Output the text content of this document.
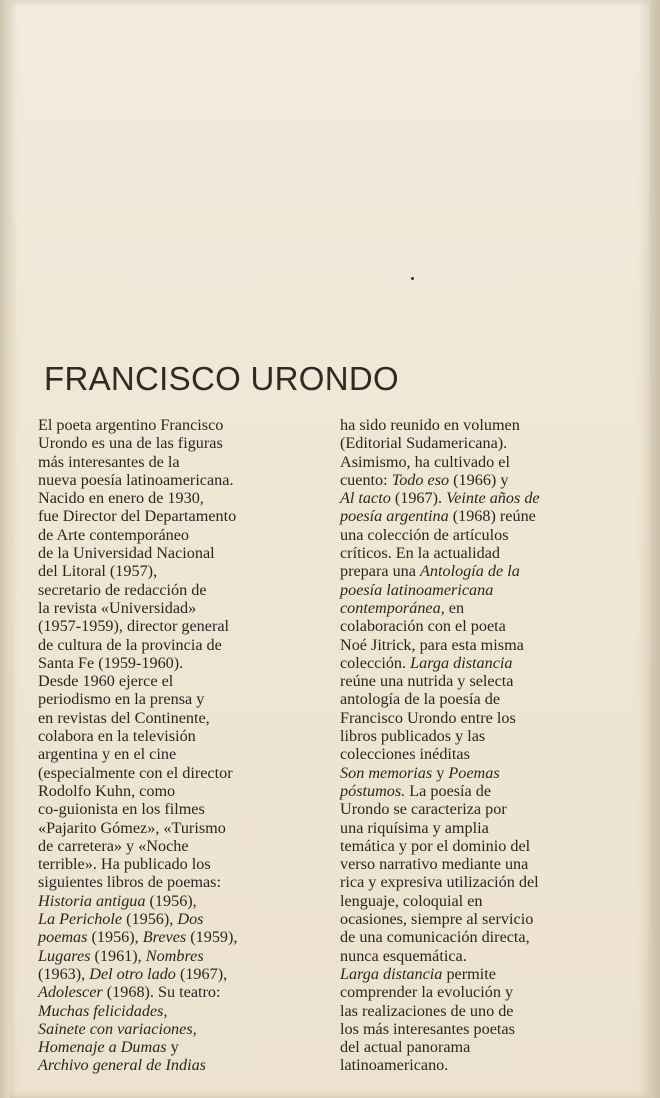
FRANCISCO URONDO
El poeta argentino Francisco
Urondo es una de las figuras
más interesantes de la
nueva poesía latinoamericana.
Nacido en enero de 1930,
fue Director del Departamento
de Arte contemporáneo
de la Universidad Nacional
del Litoral (1957),
secretario de redacción de
la revista «Universidad»
(1957-1959), director general
de cultura de la provincia de
Santa Fe (1959-1960).
Desde 1960 ejerce el
periodismo en la prensa y
en revistas del Continente,
colabora en la televisión
argentina y en el cine
(especialmente con el director
Rodolfo Kuhn, como
co-guionista en los filmes
«Pajarito Gómez», «Turismo
de carretera» y «Noche
terrible». Ha publicado los
siguientes libros de poemas:
Historia antigua (1956),
La Perichole (1956), Dos
poemas (1956), Breves (1959),
Lugares (1961), Nombres
(1963), Del otro lado (1967),
Adolescer (1968). Su teatro:
Muchas felicidades,
Sainete con variaciones,
Homenaje a Dumas y
Archivo general de Indias
ha sido reunido en volumen
(Editorial Sudamericana).
Asimismo, ha cultivado el
cuento: Todo eso (1966) y
Al tacto (1967). Veinte años de
poesía argentina (1968) reúne
una colección de artículos
críticos. En la actualidad
prepara una Antología de la
poesía latinoamericana
contemporánea, en
colaboración con el poeta
Noé Jitrick, para esta misma
colección. Larga distancia
reúne una nutrida y selecta
antología de la poesía de
Francisco Urondo entre los
libros publicados y las
colecciones inéditas
Son memorias y Poemas
póstumos. La poesía de
Urondo se caracteriza por
una riquísima y amplia
temática y por el dominio del
verso narrativo mediante una
rica y expresiva utilización del
lenguaje, coloquial en
ocasiones, siempre al servicio
de una comunicación directa,
nunca esquemática.
Larga distancia permite
comprender la evolución y
las realizaciones de uno de
los más interesantes poetas
del actual panorama
latinoamericano.
